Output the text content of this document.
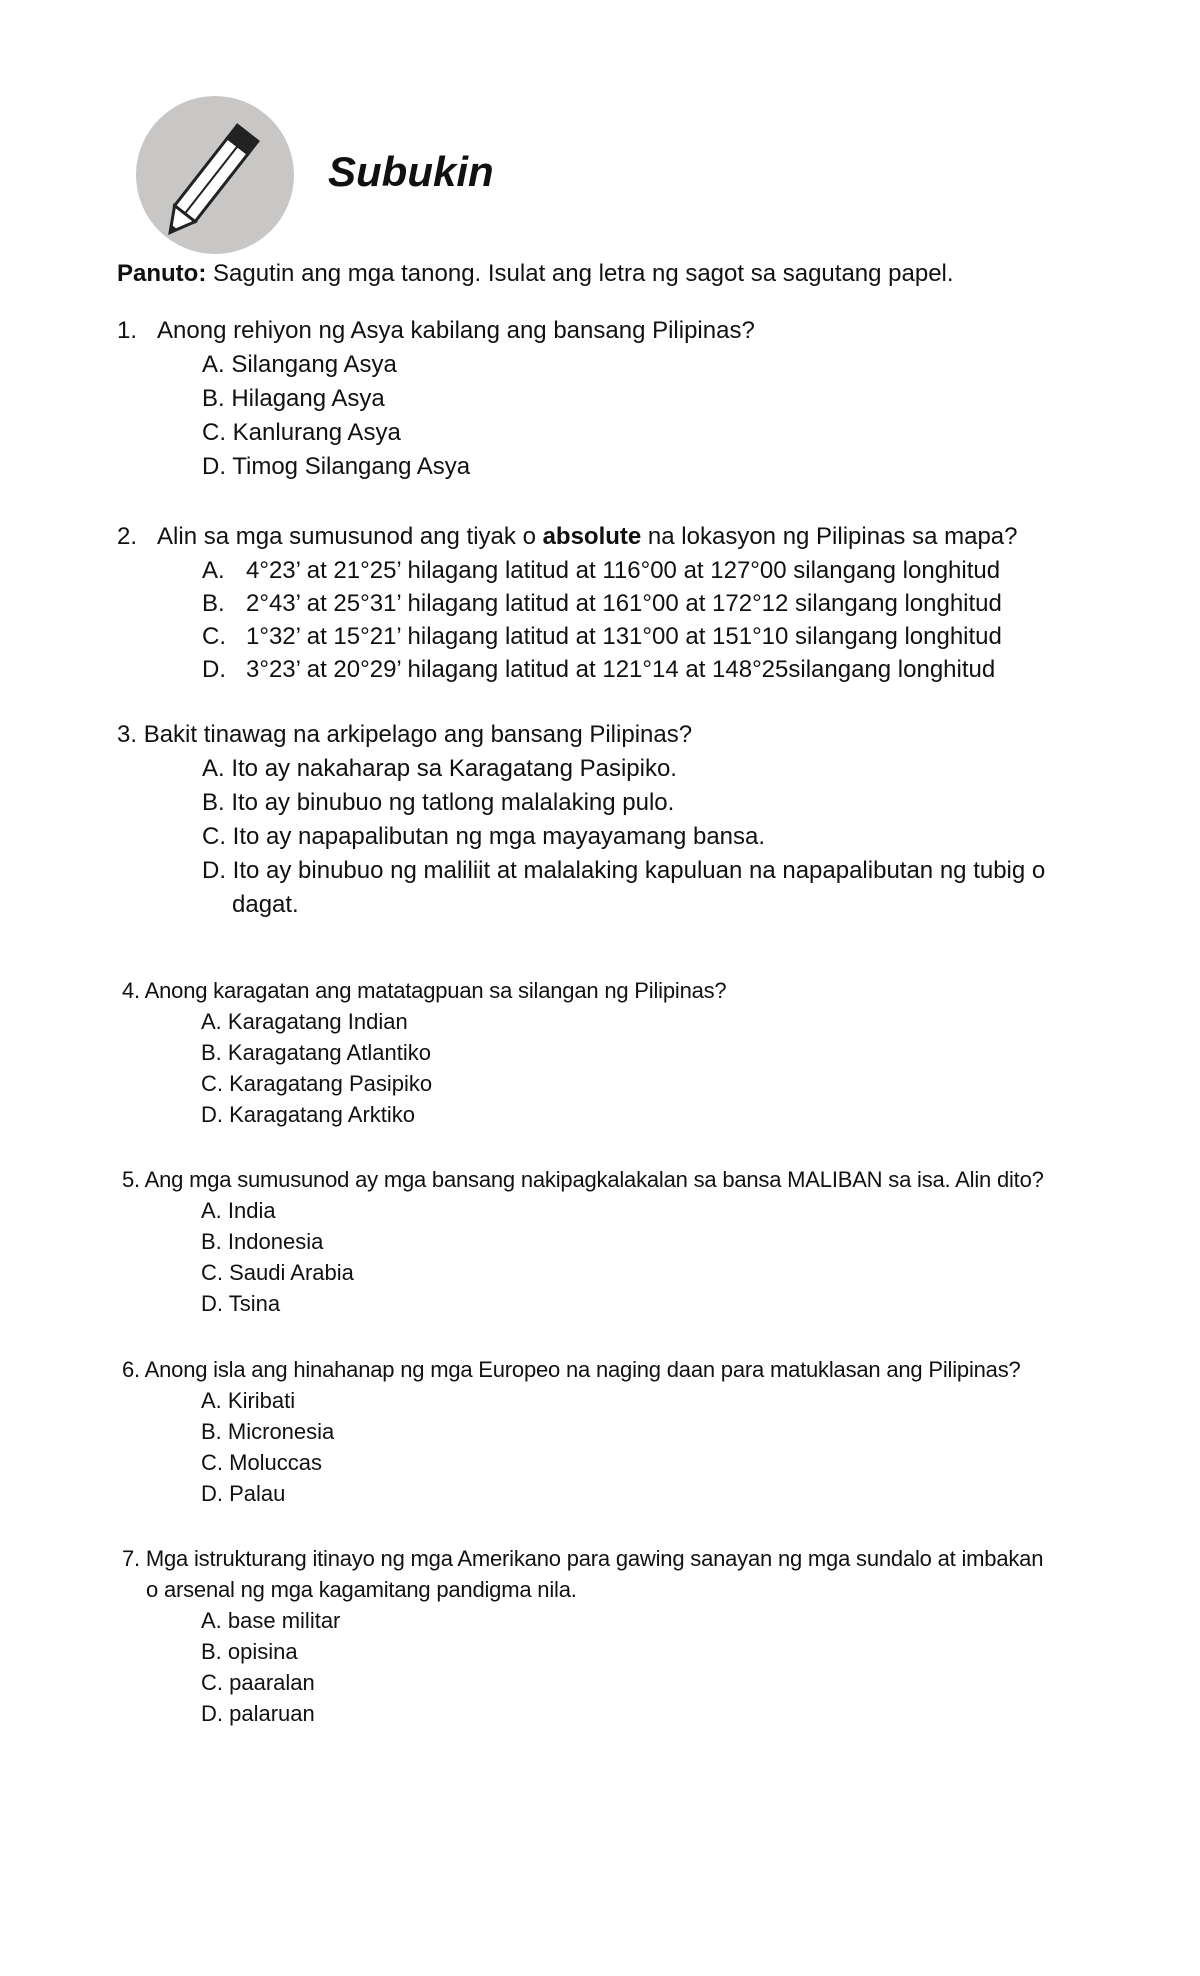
Subukin
Panuto: Sagutin ang mga tanong. Isulat ang letra ng sagot sa sagutang papel.
1. Anong rehiyon ng Asya kabilang ang bansang Pilipinas?
A. Silangang Asya
B. Hilagang Asya
C. Kanlurang Asya
D. Timog Silangang Asya
2. Alin sa mga sumusunod ang tiyak o absolute na lokasyon ng Pilipinas sa mapa?
A. 4°23’ at 21°25’ hilagang latitud at 116°00 at 127°00 silangang longhitud
B. 2°43’ at 25°31’ hilagang latitud at 161°00 at 172°12 silangang longhitud
C. 1°32’ at 15°21’ hilagang latitud at 131°00 at 151°10 silangang longhitud
D. 3°23’ at 20°29’ hilagang latitud at 121°14 at 148°25silangang longhitud
3. Bakit tinawag na arkipelago ang bansang Pilipinas?
A. Ito ay nakaharap sa Karagatang Pasipiko.
B. Ito ay binubuo ng tatlong malalaking pulo.
C. Ito ay napapalibutan ng mga mayayamang bansa.
D. Ito ay binubuo ng maliliit at malalaking kapuluan na napapalibutan ng tubig o
dagat.
4. Anong karagatan ang matatagpuan sa silangan ng Pilipinas?
A. Karagatang Indian
B. Karagatang Atlantiko
C. Karagatang Pasipiko
D. Karagatang Arktiko
5. Ang mga sumusunod ay mga bansang nakipagkalakalan sa bansa MALIBAN sa isa. Alin dito?
A. India
B. Indonesia
C. Saudi Arabia
D. Tsina
6. Anong isla ang hinahanap ng mga Europeo na naging daan para matuklasan ang Pilipinas?
A. Kiribati
B. Micronesia
C. Moluccas
D. Palau
7. Mga istrukturang itinayo ng mga Amerikano para gawing sanayan ng mga sundalo at imbakan
o arsenal ng mga kagamitang pandigma nila.
A. base militar
B. opisina
C. paaralan
D. palaruan
